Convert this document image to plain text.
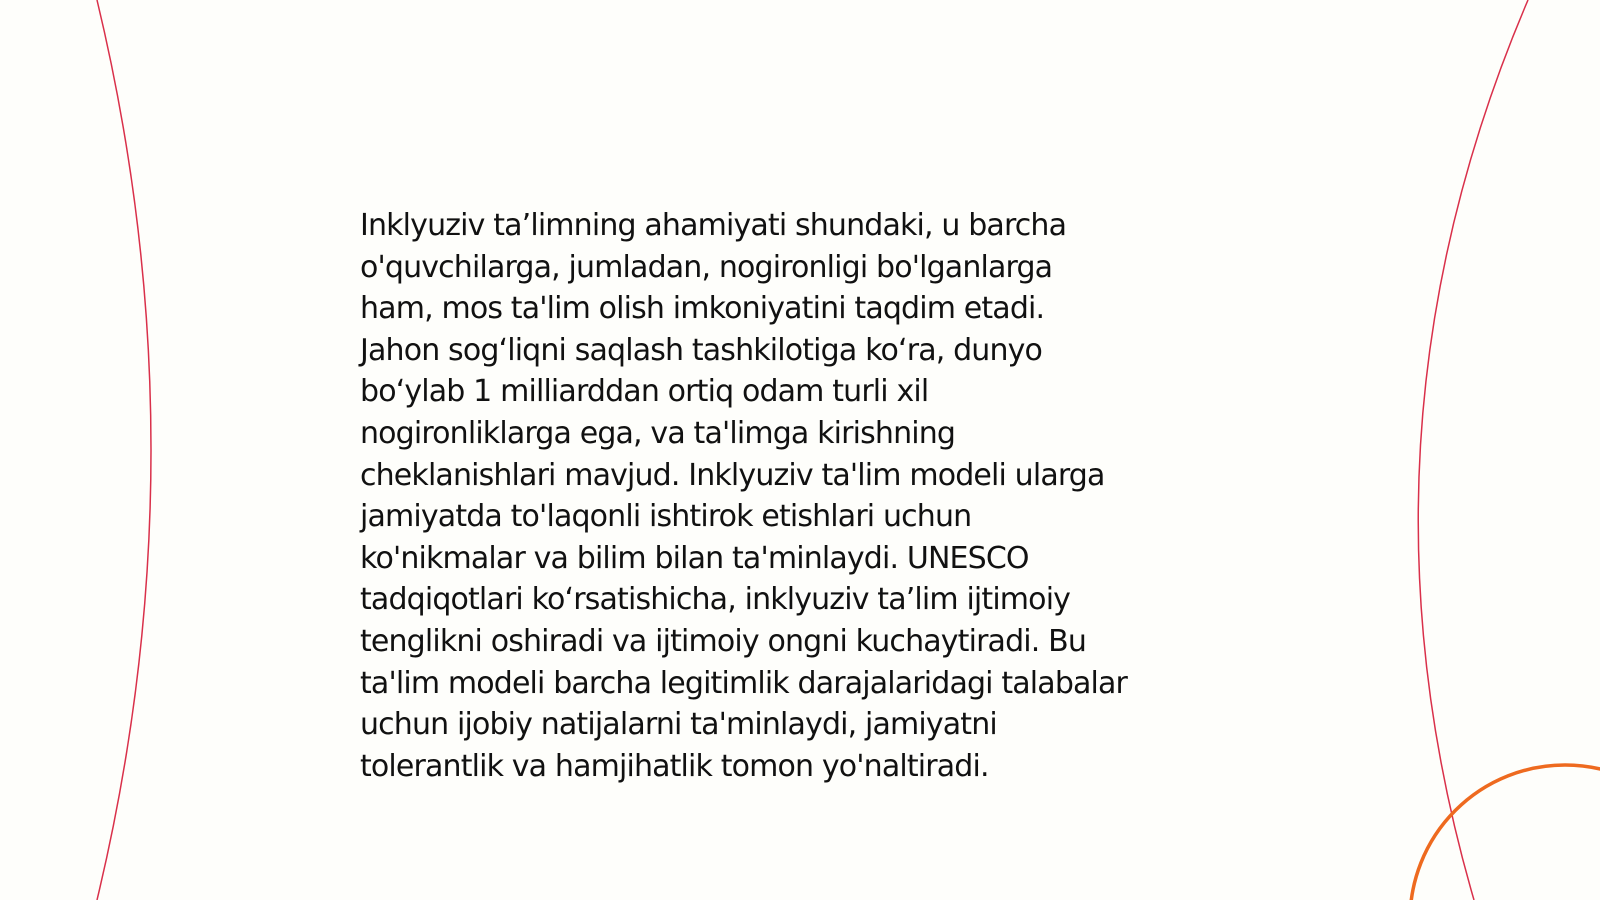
Inklyuziv ta’limning ahamiyati shundaki, u barcha
o'quvchilarga, jumladan, nogironligi bo'lganlarga
ham, mos ta'lim olish imkoniyatini taqdim etadi.
Jahon sog‘liqni saqlash tashkilotiga ko‘ra, dunyo
bo‘ylab 1 milliarddan ortiq odam turli xil
nogironliklarga ega, va ta'limga kirishning
cheklanishlari mavjud. Inklyuziv ta'lim modeli ularga
jamiyatda to'laqonli ishtirok etishlari uchun
ko'nikmalar va bilim bilan ta'minlaydi. UNESCO
tadqiqotlari ko‘rsatishicha, inklyuziv ta’lim ijtimoiy
tenglikni oshiradi va ijtimoiy ongni kuchaytiradi. Bu
ta'lim modeli barcha legitimlik darajalaridagi talabalar
uchun ijobiy natijalarni ta'minlaydi, jamiyatni
tolerantlik va hamjihatlik tomon yo'naltiradi.
